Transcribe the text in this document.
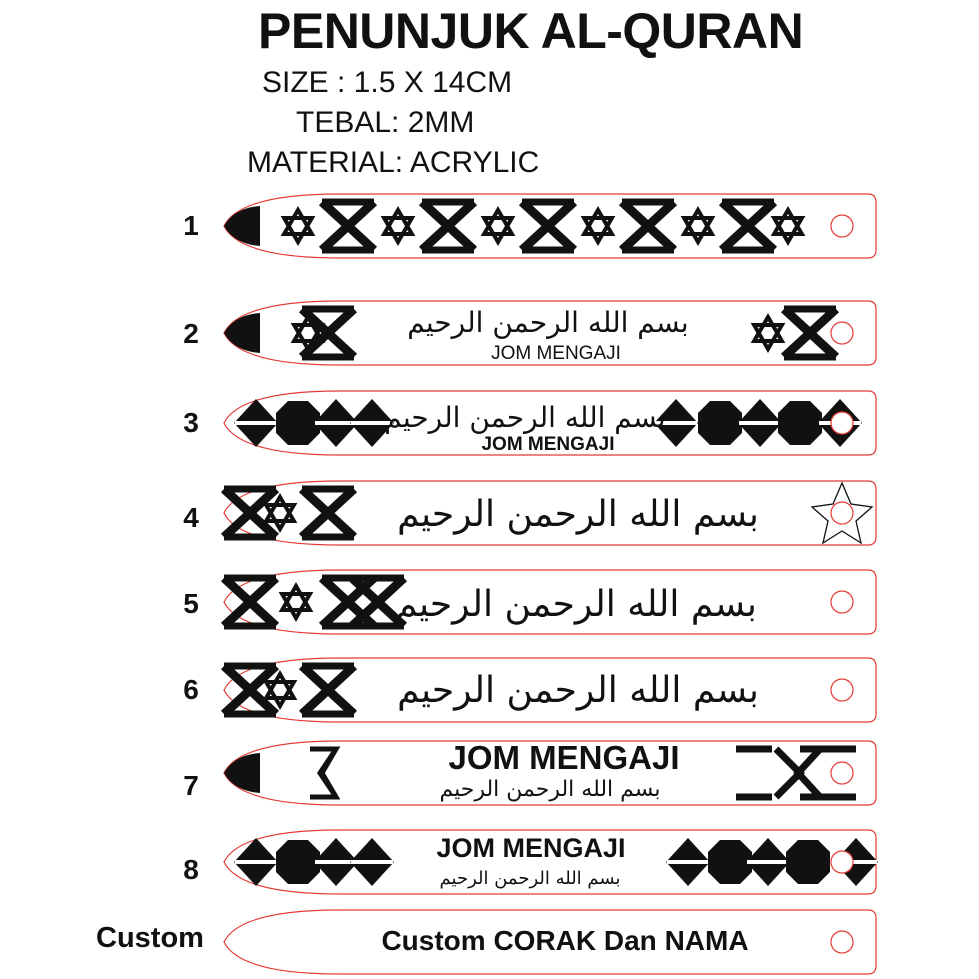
PENUNJUK AL-QURAN
SIZE : 1.5 X 14CM
TEBAL: 2MM
MATERIAL: ACRYLIC
1
2	بسم الله الرحمن الرحيم
JOM MENGAJI
3	بسم الله الرحمن الرحيم
JOM MENGAJI
4	بسم الله الرحمن الرحيم
5	بسم الله الرحمن الرحيم
6	بسم الله الرحمن الرحيم
7
JOM MENGAJI
بسم الله الرحمن الرحيم
8
JOM MENGAJI
بسم الله الرحمن الرحيم
Custom	Custom CORAK Dan NAMA
